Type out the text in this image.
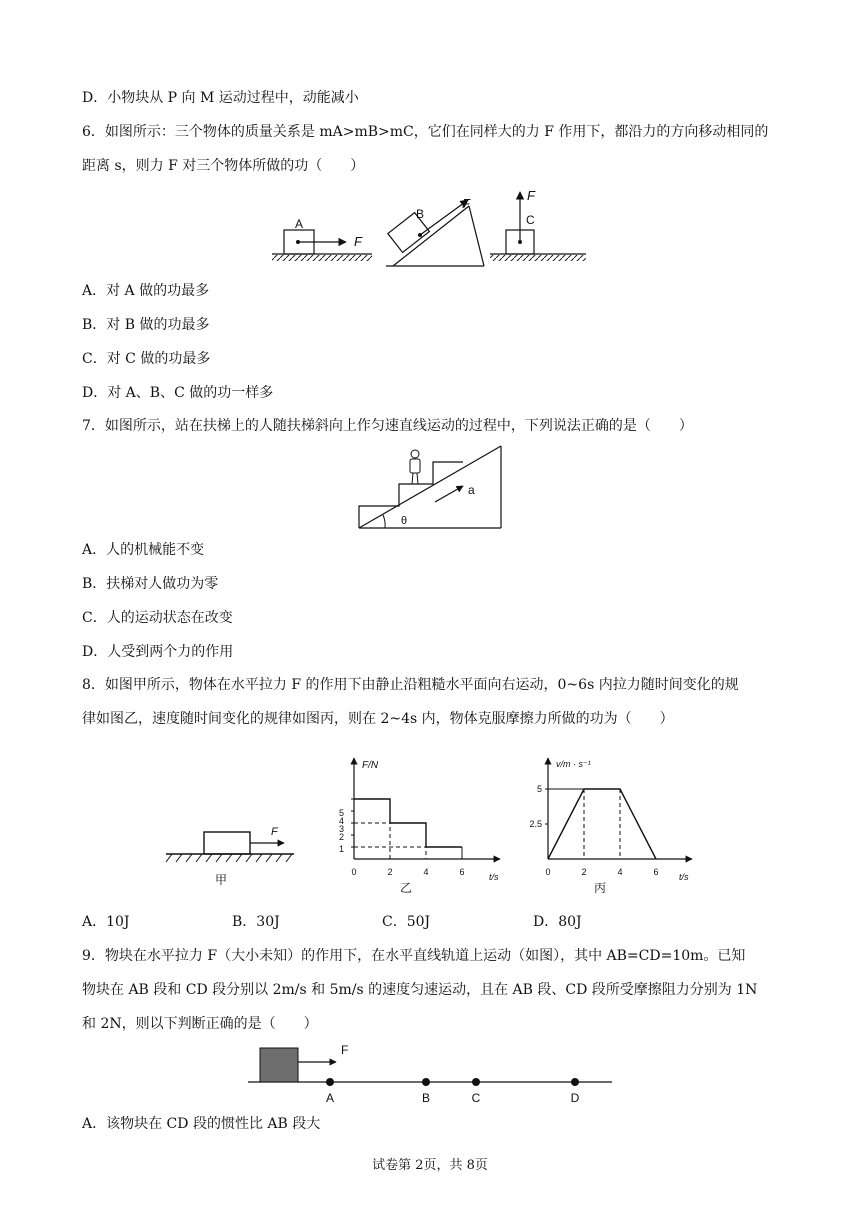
D．小物块从 P 向 M 运动过程中，动能减小
6．如图所示：三个物体的质量关系是 mA>mB>mC，它们在同样大的力 F 作用下，都沿力的方向移动相同的
距离 s，则力 F 对三个物体所做的功（　　）
A
F
B
F
C
F
A．对 A 做的功最多
B．对 B 做的功最多
C．对 C 做的功最多
D．对 A、B、C 做的功一样多
7．如图所示，站在扶梯上的人随扶梯斜向上作匀速直线运动的过程中，下列说法正确的是（　　）
a
θ
A．人的机械能不变
B．扶梯对人做功为零
C．人的运动状态在改变
D．人受到两个力的作用
8．如图甲所示，物体在水平拉力 F 的作用下由静止沿粗糙水平面向右运动，0~6s 内拉力随时间变化的规
律如图乙，速度随时间变化的规律如图丙，则在 2~4s 内，物体克服摩擦力所做的功为（　　）
F
甲
F/N
t/s
4
1
2
3
5
0	2	4	6
乙
v/m · s⁻¹
t/s
5
2.5
0	2	4	6
丙
A．10J	B．30J	C．50J	D．80J
9．物块在水平拉力 F（大小未知）的作用下，在水平直线轨道上运动（如图），其中 AB=CD=10m。已知
物块在 AB 段和 CD 段分别以 2m/s 和 5m/s 的速度匀速运动，且在 AB 段、CD 段所受摩擦阻力分别为 1N
和 2N，则以下判断正确的是（　　）
F
A	B	C	D
A．该物块在 CD 段的惯性比 AB 段大
试卷第 2页，共 8页
